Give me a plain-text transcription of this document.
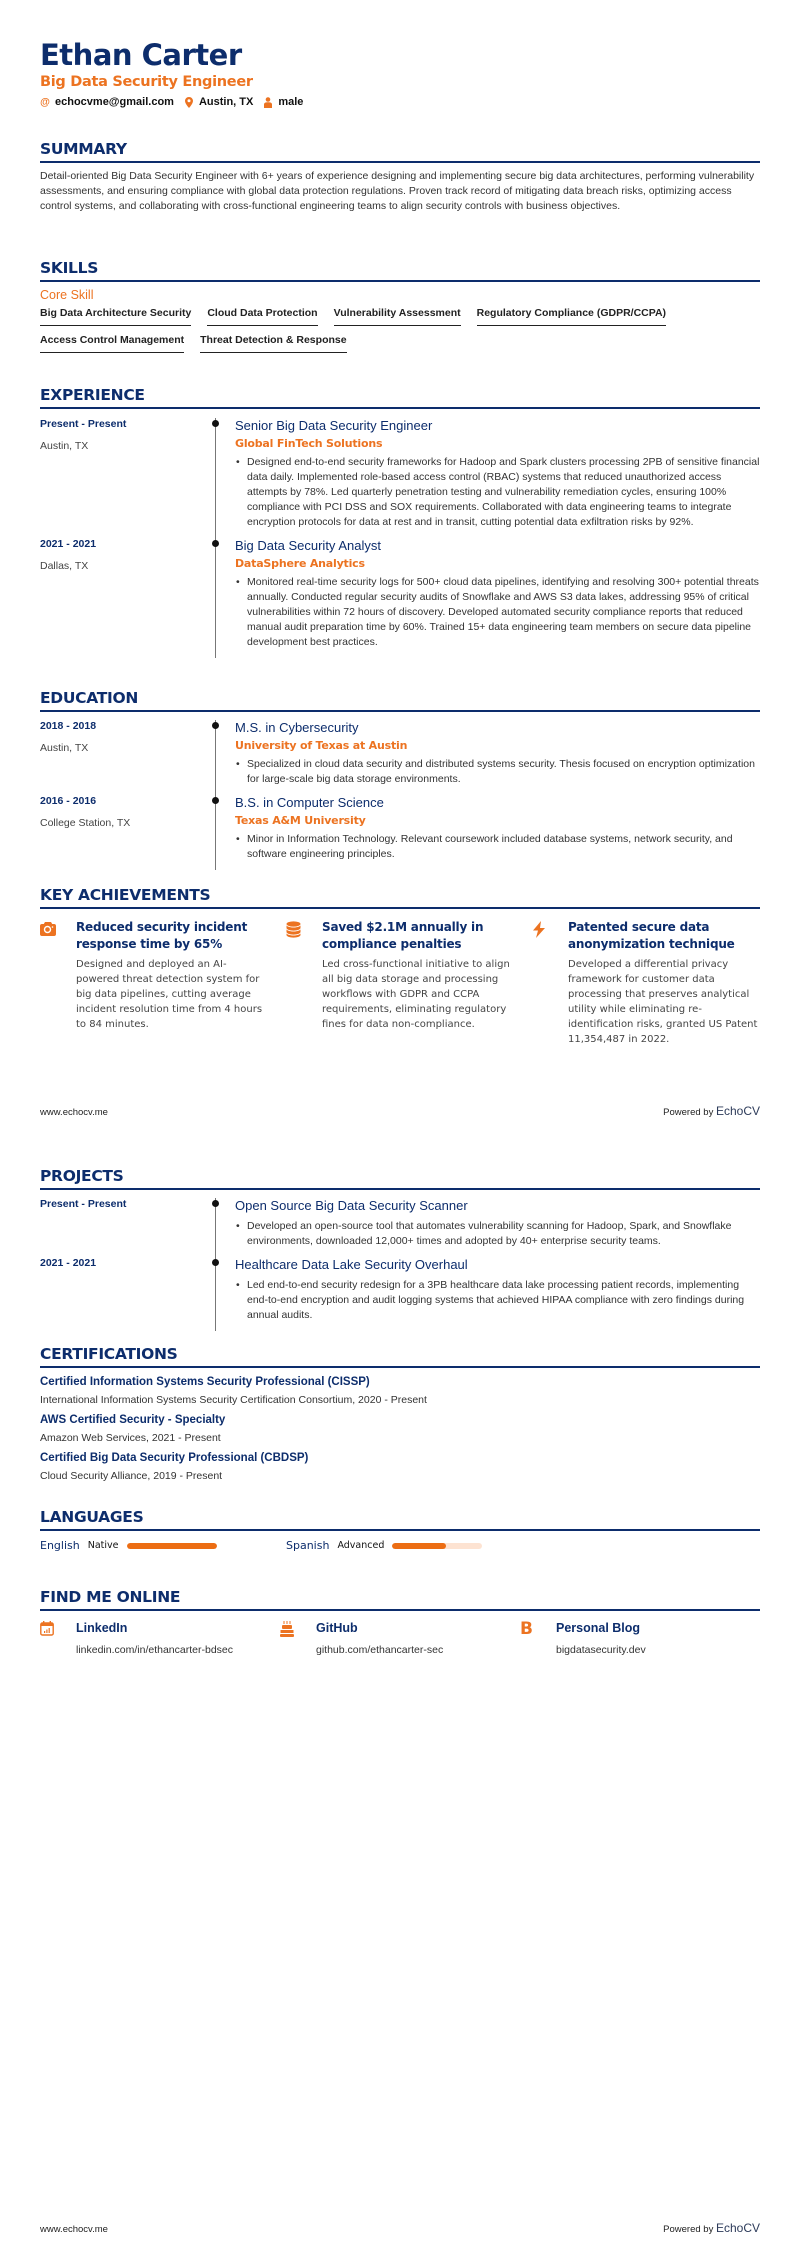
Ethan Carter
Big Data Security Engineer
@ echocvme@gmail.com Austin, TX male
SUMMARY

Detail-oriented Big Data Security Engineer with 6+ years of experience designing and implementing secure big data architectures, performing vulnerability assessments, and ensuring compliance with global data protection regulations. Proven track record of mitigating data breach risks, optimizing access control systems, and collaborating with cross-functional engineering teams to align security controls with business objectives.

SKILLS
Core Skill
Big Data Architecture Security Cloud Data Protection Vulnerability Assessment Regulatory Compliance (GDPR/CCPA)
Access Control Management Threat Detection & Response
EXPERIENCE
Present - Present
Austin, TX
Senior Big Data Security Engineer
Global FinTech Solutions
• Designed end-to-end security frameworks for Hadoop and Spark clusters processing 2PB of sensitive financial data daily. Implemented role-based access control (RBAC) systems that reduced unauthorized access attempts by 78%. Led quarterly penetration testing and vulnerability remediation cycles, ensuring 100% compliance with PCI DSS and SOX requirements. Collaborated with data engineering teams to integrate encryption protocols for data at rest and in transit, cutting potential data exfiltration risks by 92%.
2021 - 2021
Dallas, TX
Big Data Security Analyst
DataSphere Analytics
• Monitored real-time security logs for 500+ cloud data pipelines, identifying and resolving 300+ potential threats annually. Conducted regular security audits of Snowflake and AWS S3 data lakes, addressing 95% of critical vulnerabilities within 72 hours of discovery. Developed automated security compliance reports that reduced manual audit preparation time by 60%. Trained 15+ data engineering team members on secure data pipeline development best practices.
EDUCATION
2018 - 2018
Austin, TX
M.S. in Cybersecurity
University of Texas at Austin
• Specialized in cloud data security and distributed systems security. Thesis focused on encryption optimization for large-scale big data storage environments.
2016 - 2016
College Station, TX
B.S. in Computer Science
Texas A&M University
• Minor in Information Technology. Relevant coursework included database systems, network security, and software engineering principles.
KEY ACHIEVEMENTS
Reduced security incident response time by 65%
Designed and deployed an AI-powered threat detection system for big data pipelines, cutting average incident resolution time from 4 hours to 84 minutes.
Saved $2.1M annually in compliance penalties
Led cross-functional initiative to align all big data storage and processing workflows with GDPR and CCPA requirements, eliminating regulatory fines for data non-compliance.
Patented secure data anonymization technique
Developed a differential privacy framework for customer data processing that preserves analytical utility while eliminating re-identification risks, granted US Patent 11,354,487 in 2022.
www.echocv.me	Powered by EchoCV
PROJECTS
Present - Present	Open Source Big Data Security Scanner
• Developed an open-source tool that automates vulnerability scanning for Hadoop, Spark, and Snowflake environments, downloaded 12,000+ times and adopted by 40+ enterprise security teams.
2021 - 2021	Healthcare Data Lake Security Overhaul
• Led end-to-end security redesign for a 3PB healthcare data lake processing patient records, implementing end-to-end encryption and audit logging systems that achieved HIPAA compliance with zero findings during annual audits.
CERTIFICATIONS
Certified Information Systems Security Professional (CISSP)
International Information Systems Security Certification Consortium, 2020 - Present
AWS Certified Security - Specialty
Amazon Web Services, 2021 - Present
Certified Big Data Security Professional (CBDSP)
Cloud Security Alliance, 2019 - Present
LANGUAGES
English Native	Spanish Advanced
FIND ME ONLINE
LinkedIn
linkedin.com/in/ethancarter-bdsec
GitHub
github.com/ethancarter-sec
B	Personal Blog
bigdatasecurity.dev
www.echocv.me	Powered by EchoCV
